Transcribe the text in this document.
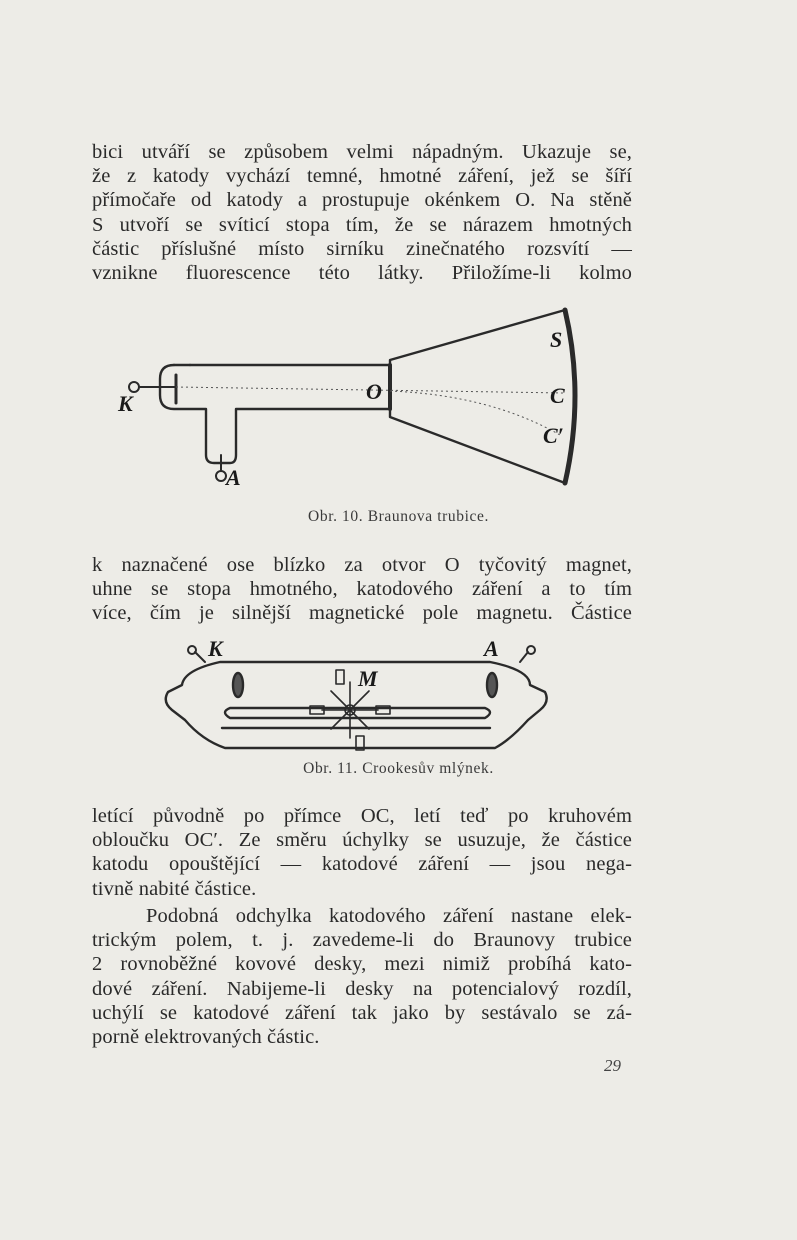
bici utváří se způsobem velmi nápadným. Ukazuje se,
že z katody vychází temné, hmotné záření, jež se šíří
přímočaře od katody a prostupuje okénkem O. Na stěně
S utvoří se svíticí stopa tím, že se nárazem hmotných
částic příslušné místo sirníku zinečnatého rozsvítí —
vznikne fluorescence této látky. Přiložíme-li kolmo
K
A
O
S
C
C′
Obr. 10. Braunova trubice.
k naznačené ose blízko za otvor O tyčovitý magnet,
uhne se stopa hmotného, katodového záření a to tím
více, čím je silnější magnetické pole magnetu. Částice
K	A
M
Obr. 11. Crookesův mlýnek.
letící původně po přímce OC, letí teď po kruhovém
obloučku OC′. Ze směru úchylky se usuzuje, že částice
katodu opouštějící — katodové záření — jsou nega-
tivně nabité částice.
Podobná odchylka katodového záření nastane elek-
trickým polem, t. j. zavedeme-li do Braunovy trubice
2 rovnoběžné kovové desky, mezi nimiž probíhá kato-
dové záření. Nabijeme-li desky na potencialový rozdíl,
uchýlí se katodové záření tak jako by sestávalo se zá-
porně elektrovaných částic.
29
